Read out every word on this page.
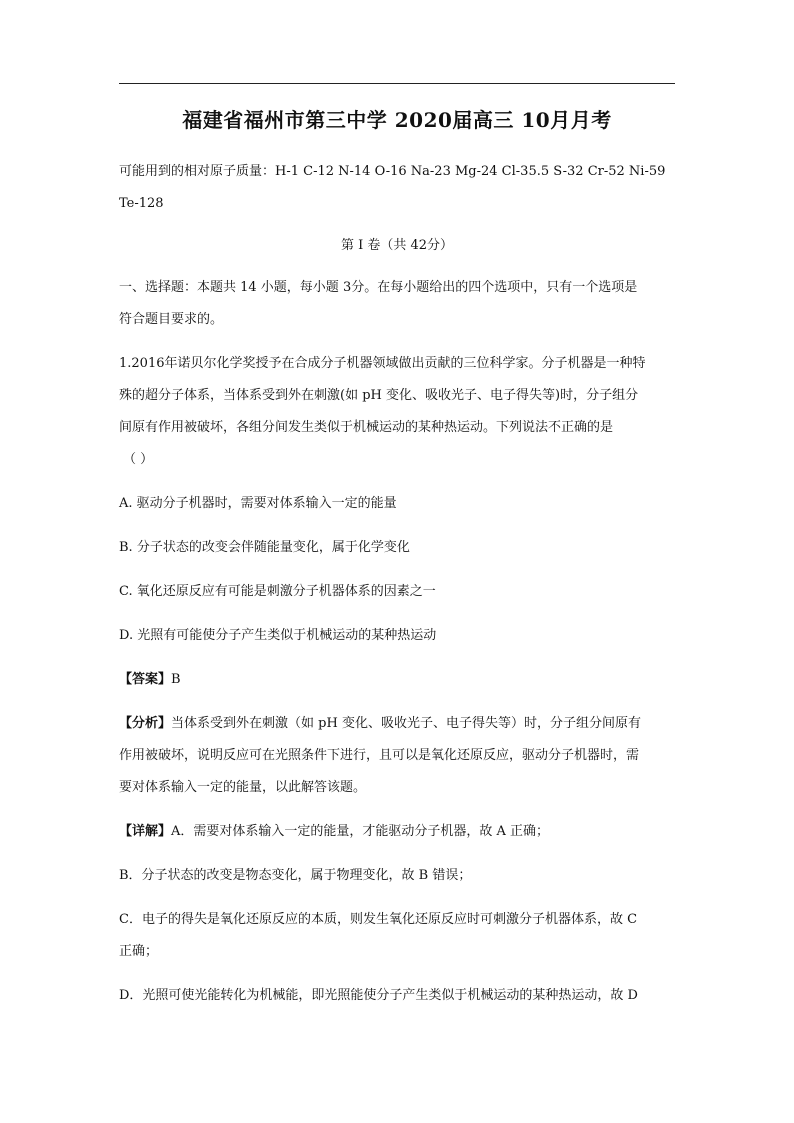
福建省福州市第三中学 2020届高三 10月月考

可能用到的相对原子质量：H-1 C-12 N-14 O-16 Na-23 Mg-24 Cl-35.5 S-32 Cr-52 Ni-59

Te-128

第 I 卷（共 42分）

一、选择题：本题共 14 小题，每小题 3分。在每小题给出的四个选项中，只有一个选项是

符合题目要求的。

1.2016年诺贝尔化学奖授予在合成分子机器领域做出贡献的三位科学家。分子机器是一种特

殊的超分子体系，当体系受到外在刺激(如 pH 变化、吸收光子、电子得失等)时，分子组分

间原有作用被破坏，各组分间发生类似于机械运动的某种热运动。下列说法不正确的是

（ ）

A. 驱动分子机器时，需要对体系输入一定的能量

B. 分子状态的改变会伴随能量变化，属于化学变化

C. 氧化还原反应有可能是刺激分子机器体系的因素之一

D. 光照有可能使分子产生类似于机械运动的某种热运动

【答案】B

【分析】当体系受到外在刺激（如 pH 变化、吸收光子、电子得失等）时，分子组分间原有

作用被破坏，说明反应可在光照条件下进行，且可以是氧化还原反应，驱动分子机器时，需

要对体系输入一定的能量，以此解答该题。

【详解】A．需要对体系输入一定的能量，才能驱动分子机器，故 A 正确；

B．分子状态的改变是物态变化，属于物理变化，故 B 错误；

C．电子的得失是氧化还原反应的本质，则发生氧化还原反应时可刺激分子机器体系，故 C

正确；

D．光照可使光能转化为机械能，即光照能使分子产生类似于机械运动的某种热运动，故 D
